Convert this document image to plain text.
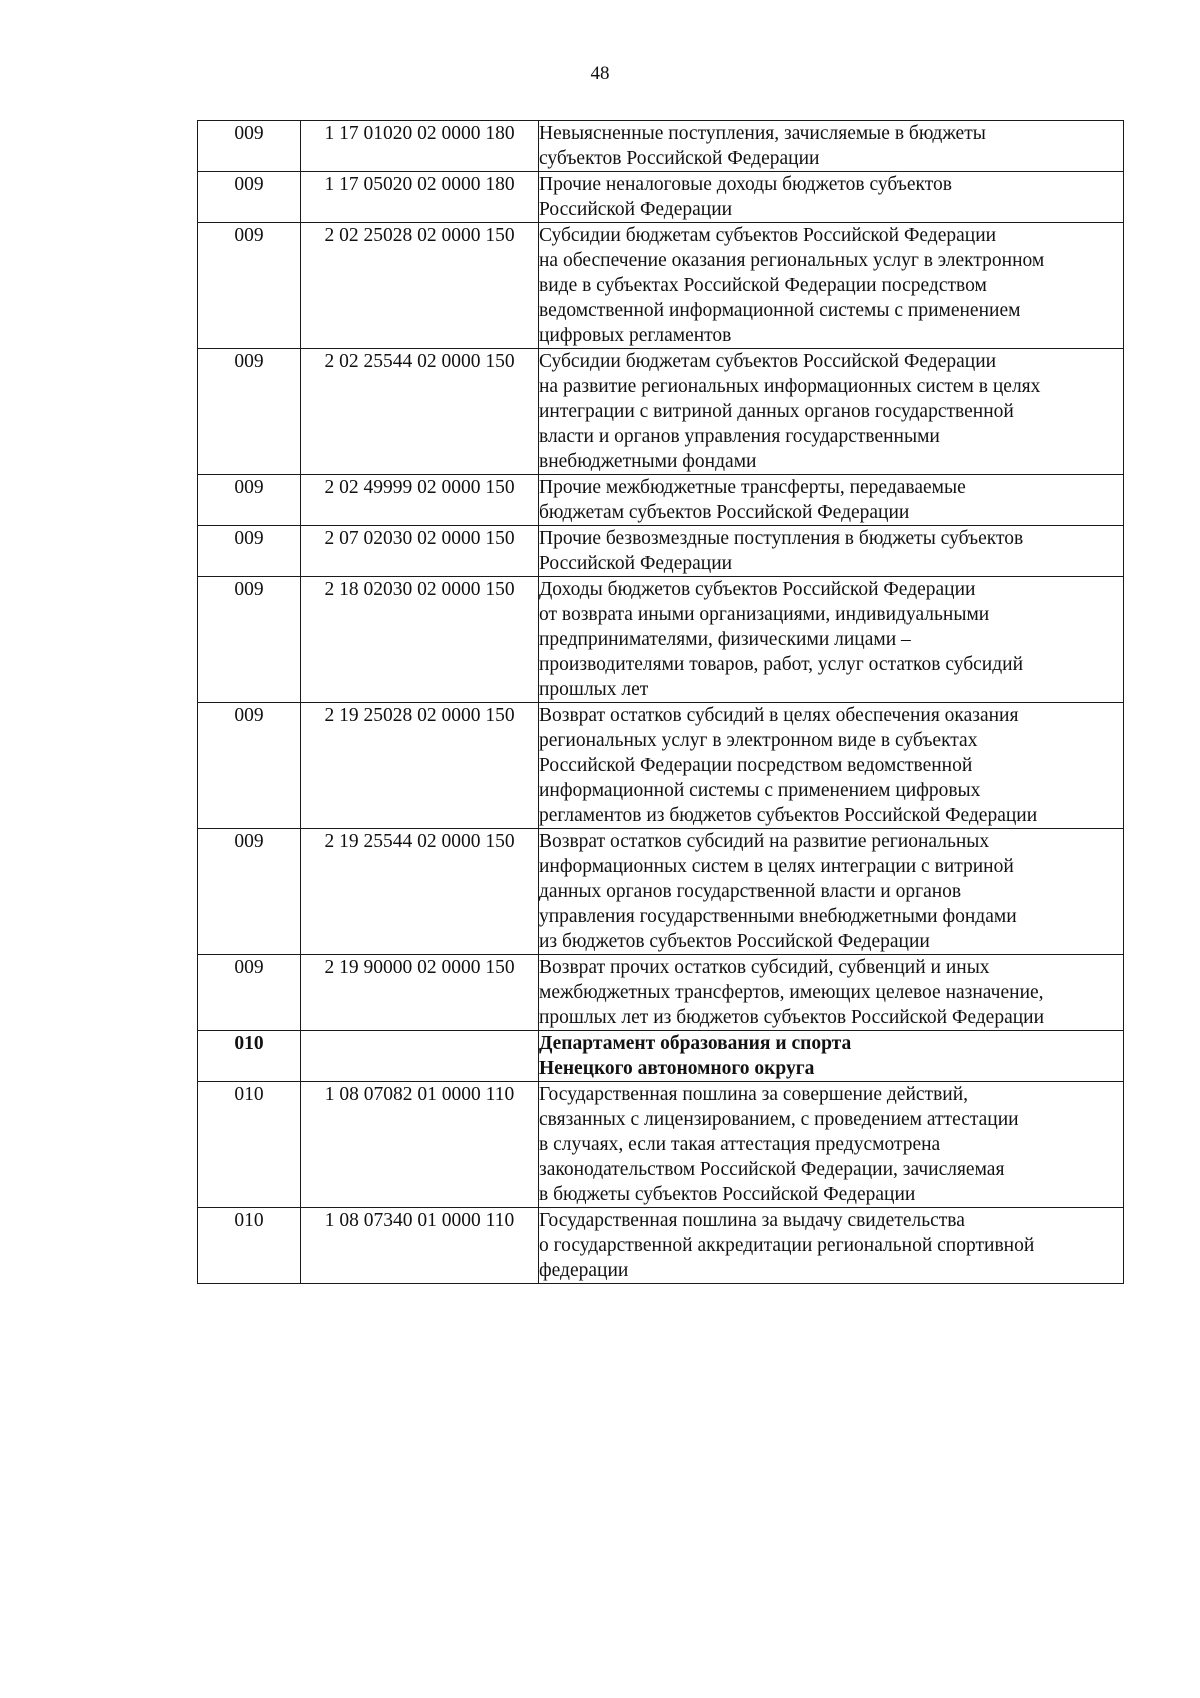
48
009	1 17 01020 02 0000 180	Невыясненные поступления, зачисляемые в бюджеты
субъектов Российской Федерации

009	1 17 05020 02 0000 180	Прочие неналоговые доходы бюджетов субъектов
Российской Федерации

009	2 02 25028 02 0000 150	Субсидии бюджетам субъектов Российской Федерации
на обеспечение оказания региональных услуг в электронном
виде в субъектах Российской Федерации посредством
ведомственной информационной системы с применением
цифровых регламентов

009	2 02 25544 02 0000 150	Субсидии бюджетам субъектов Российской Федерации
на развитие региональных информационных систем в целях
интеграции с витриной данных органов государственной
власти и органов управления государственными
внебюджетными фондами

009	2 02 49999 02 0000 150	Прочие межбюджетные трансферты, передаваемые
бюджетам субъектов Российской Федерации

009	2 07 02030 02 0000 150	Прочие безвозмездные поступления в бюджеты субъектов
Российской Федерации

009	2 18 02030 02 0000 150	Доходы бюджетов субъектов Российской Федерации
от возврата иными организациями, индивидуальными
предпринимателями, физическими лицами –
производителями товаров, работ, услуг остатков субсидий
прошлых лет

009	2 19 25028 02 0000 150	Возврат остатков субсидий в целях обеспечения оказания
региональных услуг в электронном виде в субъектах
Российской Федерации посредством ведомственной
информационной системы с применением цифровых
регламентов из бюджетов субъектов Российской Федерации

009	2 19 25544 02 0000 150	Возврат остатков субсидий на развитие региональных
информационных систем в целях интеграции с витриной
данных органов государственной власти и органов
управления государственными внебюджетными фондами
из бюджетов субъектов Российской Федерации

009	2 19 90000 02 0000 150	Возврат прочих остатков субсидий, субвенций и иных
межбюджетных трансфертов, имеющих целевое назначение,
прошлых лет из бюджетов субъектов Российской Федерации

010		Департамент образования и спорта
Ненецкого автономного округа

010	1 08 07082 01 0000 110	Государственная пошлина за совершение действий,
связанных с лицензированием, с проведением аттестации
в случаях, если такая аттестация предусмотрена
законодательством Российской Федерации, зачисляемая
в бюджеты субъектов Российской Федерации

010	1 08 07340 01 0000 110	Государственная пошлина за выдачу свидетельства
о государственной аккредитации региональной спортивной
федерации
